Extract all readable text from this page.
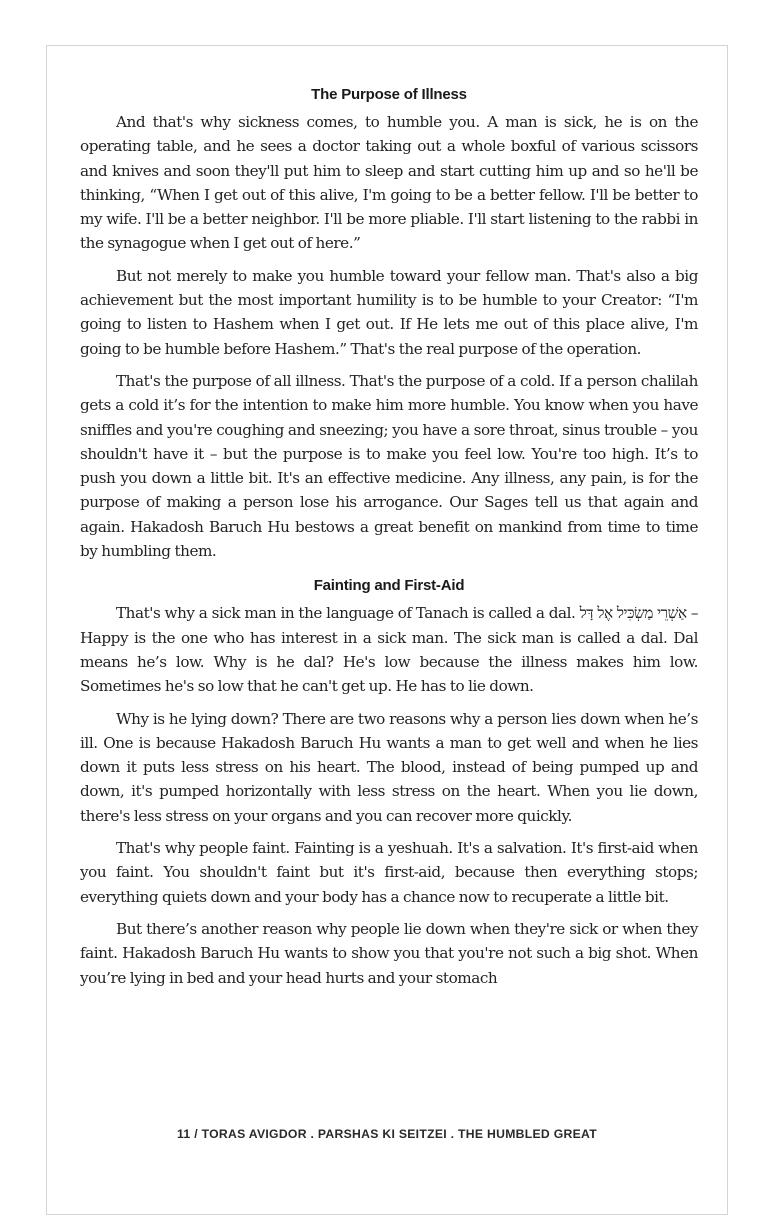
The Purpose of Illness

And that's why sickness comes, to humble you. A man is sick, he is on the operating table, and he sees a doctor taking out a whole boxful of various scissors and knives and soon they'll put him to sleep and start cutting him up and so he'll be thinking, “When I get out of this alive, I'm going to be a better fellow. I'll be better to my wife. I'll be a better neighbor. I'll be more pliable. I'll start listening to the rabbi in the synagogue when I get out of here.”

But not merely to make you humble toward your fellow man. That's also a big achievement but the most important humility is to be humble to your Creator: “I'm going to listen to Hashem when I get out. If He lets me out of this place alive, I'm going to be humble before Hashem.” That's the real purpose of the operation.

That's the purpose of all illness. That's the purpose of a cold. If a person chalilah gets a cold it’s for the intention to make him more humble. You know when you have sniffles and you're coughing and sneezing; you have a sore throat, sinus trouble – you shouldn't have it – but the purpose is to make you feel low. You're too high. It’s to push you down a little bit. It's an effective medicine. Any illness, any pain, is for the purpose of making a person lose his arrogance. Our Sages tell us that again and again. Hakadosh Baruch Hu bestows a great benefit on mankind from time to time by humbling them.

Fainting and First-Aid

That's why a sick man in the language of Tanach is called a dal. אַשְׁרֵי מַשְׂכִּיל אֶל דָּל – Happy is the one who has interest in a sick man. The sick man is called a dal. Dal means he’s low. Why is he dal? He's low because the illness makes him low. Sometimes he's so low that he can't get up. He has to lie down.

Why is he lying down? There are two reasons why a person lies down when he’s ill. One is because Hakadosh Baruch Hu wants a man to get well and when he lies down it puts less stress on his heart. The blood, instead of being pumped up and down, it's pumped horizontally with less stress on the heart. When you lie down, there's less stress on your organs and you can recover more quickly.

That's why people faint. Fainting is a yeshuah. It's a salvation. It's first-aid when you faint. You shouldn't faint but it's first-aid, because then everything stops; everything quiets down and your body has a chance now to recuperate a little bit.

But there’s another reason why people lie down when they're sick or when they faint. Hakadosh Baruch Hu wants to show you that you're not such a big shot. When you’re lying in bed and your head hurts and your stomach

11 / TORAS AVIGDOR . PARSHAS KI SEITZEI . THE HUMBLED GREAT
